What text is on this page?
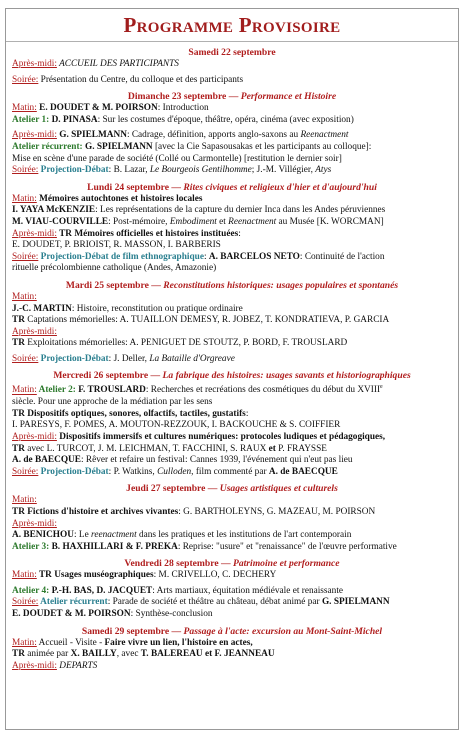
Programme Provisoire
Samedi 22 septembre
Après-midi: ACCUEIL DES PARTICIPANTS
Soirée: Présentation du Centre, du colloque et des participants
Dimanche 23 septembre — Performance et Histoire
Matin: E. DOUDET & M. POIRSON: Introduction
Atelier 1: D. PINASA: Sur les costumes d'époque, théâtre, opéra, cinéma (avec exposition)
Après-midi: G. SPIELMANN: Cadrage, définition, apports anglo-saxons au Reenactment
Atelier récurrent: G. SPIELMANN [avec la Cie Sapasousakas et les participants au colloque]:
Mise en scène d'une parade de société (Collé ou Carmontelle) [restitution le dernier soir]
Soirée: Projection-Débat: B. Lazar, Le Bourgeois Gentilhomme; J.-M. Villégier, Atys
Lundi 24 septembre — Rites civiques et religieux d'hier et d'aujourd'hui
Matin: Mémoires autochtones et histoires locales
I. YAYA McKENZIE: Les représentations de la capture du dernier Inca dans les Andes péruviennes
M. VIAU-COURVILLE: Post-mémoire, Embodiment et Reenactment au Musée [K. WORCMAN]
Après-midi: TR Mémoires officielles et histoires instituées:
E. DOUDET, P. BRIOIST, R. MASSON, I. BARBÉRIS
Soirée: Projection-Débat de film ethnographique: A. BARCELOS NETO: Continuité de l'action
rituelle précolombienne catholique (Andes, Amazonie)
Mardi 25 septembre — Reconstitutions historiques: usages populaires et spontanés
Matin:
J.-C. MARTIN: Histoire, reconstitution ou pratique ordinaire
TR Captations mémorielles: A. TUAILLON DEMÉSY, R. JOBEZ, T. KONDRATIEVA, P. GARCIA
Après-midi:
TR Exploitations mémorielles: A. PENIGUET DE STOUTZ, P. BORD, F. TROUSLARD
Soirée: Projection-Débat: J. Deller, La Bataille d'Orgreave
Mercredi 26 septembre — La fabrique des histoires: usages savants et historiographiques
Matin: Atelier 2: F. TROUSLARD: Recherches et recréations des cosmétiques du début du XVIIIe
siècle. Pour une approche de la médiation par les sens
TR Dispositifs optiques, sonores, olfactifs, tactiles, gustatifs:
I. PARESYS, F. POMÈS, A. MOUTON-REZZOUK, I. BACKOUCHE & S. COIFFIER
Après-midi: Dispositifs immersifs et cultures numériques: protocoles ludiques et pédagogiques,
TR avec L. TURCOT, J. M. LEICHMAN, T. FACCHINI, S. RAUX et P. FRAYSSE
A. de BAECQUE: Rêver et refaire un festival: Cannes 1939, l'événement qui n'eut pas lieu
Soirée: Projection-Débat: P. Watkins, Culloden, film commenté par A. de BAECQUE
Jeudi 27 septembre — Usages artistiques et culturels
Matin:
TR Fictions d'histoire et archives vivantes: G. BARTHOLEYNS, G. MAZEAU, M. POIRSON
Après-midi:
A. BÉNICHOU: Le reenactment dans les pratiques et les institutions de l'art contemporain
Atelier 3: B. HAXHILLARI & F. PREKA: Reprise: "usure" et "renaissance" de l'œuvre performative
Vendredi 28 septembre — Patrimoine et performance
Matin: TR Usages muséographiques: M. CRIVELLO, C. DÉCHERY
Atelier 4: P.-H. BAS, D. JACQUET: Arts martiaux, équitation médiévale et renaissante
Soirée: Atelier récurrent: Parade de société et théâtre au château, débat animé par G. SPIELMANN
E. DOUDET & M. POIRSON: Synthèse-conclusion
Samedi 29 septembre — Passage à l'acte: excursion au Mont-Saint-Michel
Matin: Accueil - Visite - Faire vivre un lien, l'histoire en actes,
TR animée par X. BAILLY, avec T. BALEREAU et F. JEANNEAU
Après-midi: DÉPARTS
